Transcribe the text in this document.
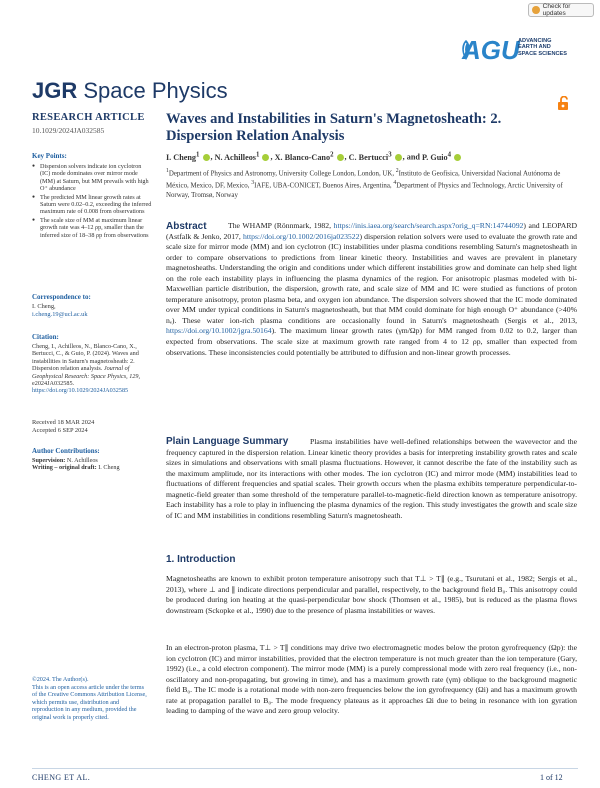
Check for updates
AGU
ADVANCING
EARTH AND
SPACE SCIENCES
JGR Space Physics
RESEARCH ARTICLE
10.1029/2024JA032585
Key Points:
● Dispersion solvers indicate ion cyclotron (IC) mode dominates over mirror mode (MM) at Saturn, but MM prevails with high O⁺ abundance
● The predicted MM linear growth rates at Saturn were 0.02–0.2, exceeding the inferred maximum rate of 0.008 from observations
● The scale size of MM at maximum linear growth rate was 4–12 ρp, smaller than the inferred size of 18–38 ρp from observations
Correspondence to:
I. Cheng,
i.cheng.19@ucl.ac.uk
Citation:
Cheng, I., Achilleos, N., Blanco-Cano, X., Bertucci, C., & Guio, P. (2024). Waves and instabilities in Saturn's magnetosheath: 2. Dispersion relation analysis. Journal of Geophysical Research: Space Physics, 129, e2024JA032585. https://doi.org/10.1029/2024JA032585
Received 18 MAR 2024
Accepted 6 SEP 2024
Author Contributions:
Supervision: N. Achilleos
Writing – original draft: I. Cheng
©2024. The Author(s).
This is an open access article under the terms of the Creative Commons Attribution License, which permits use, distribution and reproduction in any medium, provided the original work is properly cited.
Waves and Instabilities in Saturn's Magnetosheath: 2.
Dispersion Relation Analysis
I. Cheng$^1$ , N. Achilleos$^1$ , X. Blanco-Cano$^2$ , C. Bertucci$^3$ , and P. Guio$^4$
$^1$Department of Physics and Astronomy, University College London, London, UK, $^2$Instituto de Geofísica, Universidad Nacional Autónoma de México, Mexico, DF, Mexico, $^3$IAFE, UBA-CONICET, Buenos Aires, Argentina, $^4$Department of Physics and Technology, Arctic University of Norway, Tromsø, Norway
The WHAMP (Rönnmark, 1982, https://inis.iaea.org/search/search.aspx?orig_q=RN:14744092) and LEOPARD (Astfalk & Jenko, 2017, https://doi.org/10.1002/2016ja023522) dispersion relation solvers were used to evaluate the growth rate and scale size for mirror mode (MM) and ion cyclotron (IC) instabilities under plasma conditions resembling Saturn's magnetosheath in order to compare observations to predictions from linear kinetic theory. Instabilities and waves are prevalent in planetary magnetosheaths. Understanding the origin and conditions under which different instabilities grow and dominate can help shed light on the role each instability plays in influencing the plasma dynamics of the region. For anisotropic plasmas modeled with bi-Maxwellian particle distribution, the dispersion, growth rate, and scale size of MM and IC were studied as functions of proton temperature anisotropy, proton plasma beta, and oxygen ion abundance. The dispersion solvers showed that the IC mode dominated over MM under typical conditions in Saturn's magnetosheath, but that MM could dominate for high enough O⁺ abundance (>40% nₑ). These water ion-rich plasma conditions are occasionally found in Saturn's magnetosheath (Sergis et al., 2013, https://doi.org/10.1002/jgra.50164). The maximum linear growth rates (γm/Ωp) for MM ranged from 0.02 to 0.2, larger than expected from observations. The scale size at maximum growth rate ranged from 4 to 12 ρp, smaller than expected from observations. These inconsistencies could potentially be attributed to diffusion and non-linear growth processes.
Abstract
Plasma instabilities have well-defined relationships between the wavevector and the frequency captured in the dispersion relation. Linear kinetic theory provides a basis for interpreting instability growth rates and scale sizes in simulations and observations with small plasma fluctuations. However, it cannot describe the fate of the instability such as the maximum amplitude, nor its interactions with other modes. The ion cyclotron (IC) and mirror mode (MM) instabilities lead to fluctuations of different frequencies and spatial scales. Their growth occurs when the plasma exhibits temperature perpendicular-to-magnetic-field greater than some threshold of the temperature parallel-to-magnetic-field direction known as temperature anisotropy. Each instability has a role to play in influencing the plasma dynamics of the region. This study investigates the growth and scale size of IC and MM instabilities in conditions resembling Saturn's magnetosheath.
Plain Language Summary
1. Introduction
Magnetosheaths are known to exhibit proton temperature anisotropy such that T⊥ > T∥ (e.g., Tsurutani et al., 1982; Sergis et al., 2013), where ⊥ and ∥ indicate directions perpendicular and parallel, respectively, to the background field B₀. This anisotropy could be produced during ion heating at the quasi-perpendicular bow shock (Thomsen et al., 1985), but is reduced as the plasma flows downstream (Sckopke et al., 1990) due to the presence of plasma instabilities or waves.
In an electron-proton plasma, T⊥ > T∥ conditions may drive two electromagnetic modes below the proton gyrofrequency (Ωp): the ion cyclotron (IC) and mirror instabilities, provided that the electron temperature is not much greater than the ion temperature (Gary, 1992) (i.e., a cold electron component). The mirror mode (MM) is a purely compressional mode with zero real frequency (i.e., non-oscillatory and non-propagating, but growing in time), and has a maximum growth rate (γm) oblique to the background magnetic field B₀. The IC mode is a rotational mode with non-zero frequencies below the ion gyrofrequency (Ωi) and has a maximum growth rate at propagation parallel to B₀. The mode frequency plateaus as it approaches Ωi due to being in resonance with ion gyration leading to damping of the wave and zero group velocity.
CHENG ET AL.	1 of 12
